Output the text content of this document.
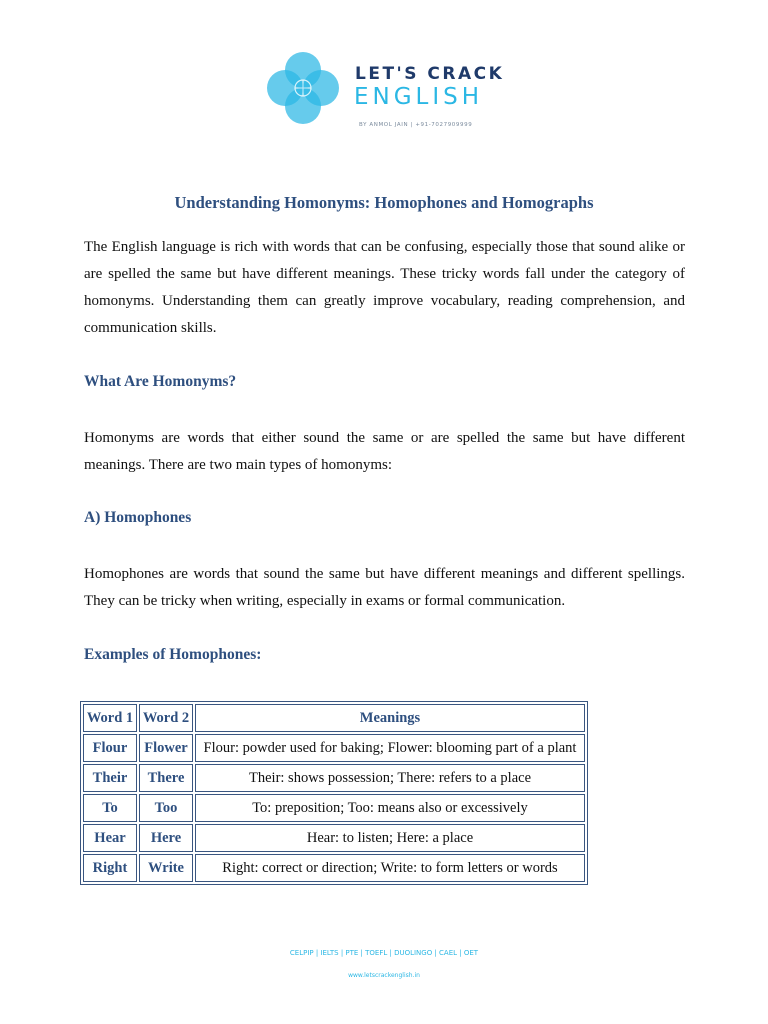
LET'S CRACK
ENGLISH
BY ANMOL JAIN | +91-7027909999
Understanding Homonyms: Homophones and Homographs

The English language is rich with words that can be confusing, especially those that sound alike or are spelled the same but have different meanings. These tricky words fall under the category of homonyms. Understanding them can greatly improve vocabulary, reading comprehension, and communication skills.

What Are Homonyms?

Homonyms are words that either sound the same or are spelled the same but have different meanings. There are two main types of homonyms:

A) Homophones

Homophones are words that sound the same but have different meanings and different spellings. They can be tricky when writing, especially in exams or formal communication.

Examples of Homophones:
Word 1	Word 2	Meanings
Flour	Flower	Flour: powder used for baking; Flower: blooming part of a plant
Their	There	Their: shows possession; There: refers to a place
To	Too	To: preposition; Too: means also or excessively
Hear	Here	Hear: to listen; Here: a place
Right	Write	Right: correct or direction; Write: to form letters or words
CELPIP | IELTS | PTE | TOEFL | DUOLINGO | CAEL | OET
www.letscrackenglish.in
